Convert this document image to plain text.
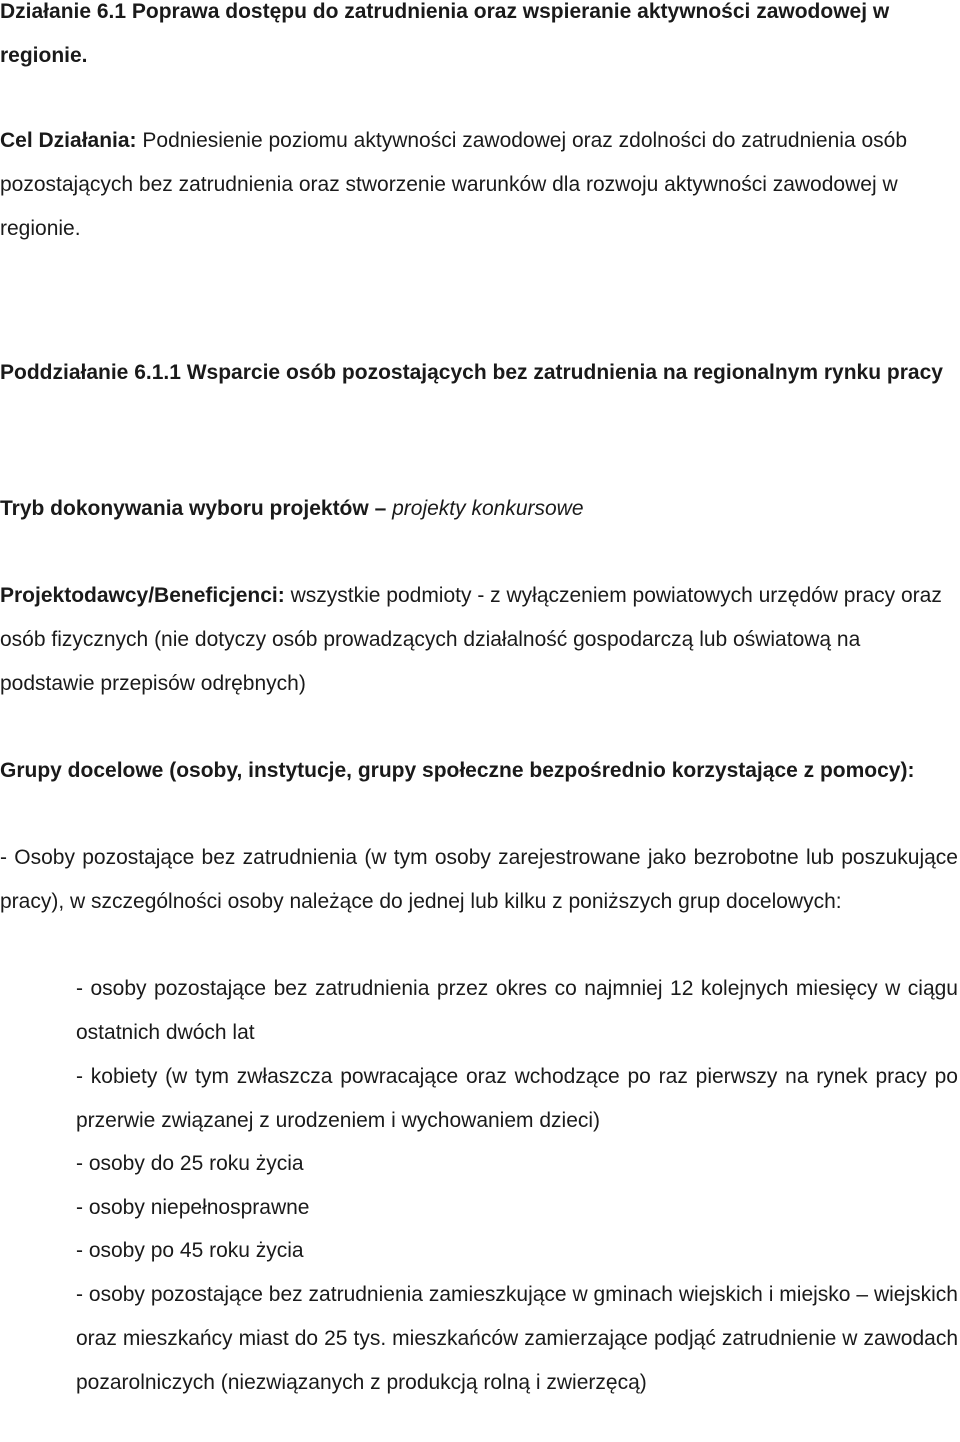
Działanie 6.1 Poprawa dostępu do zatrudnienia oraz wspieranie aktywności zawodowej w regionie.

Cel Działania: Podniesienie poziomu aktywności zawodowej oraz zdolności do zatrudnienia osób pozostających bez zatrudnienia oraz stworzenie warunków dla rozwoju aktywności zawodowej w regionie.

Poddziałanie 6.1.1 Wsparcie osób pozostających bez zatrudnienia na regionalnym rynku pracy

Tryb dokonywania wyboru projektów – projekty konkursowe

Projektodawcy/Beneficjenci: wszystkie podmioty - z wyłączeniem powiatowych urzędów pracy oraz osób fizycznych (nie dotyczy osób prowadzących działalność gospodarczą lub oświatową na podstawie przepisów odrębnych)

Grupy docelowe (osoby, instytucje, grupy społeczne bezpośrednio korzystające z pomocy):

- Osoby pozostające bez zatrudnienia (w tym osoby zarejestrowane jako bezrobotne lub poszukujące pracy), w szczególności osoby należące do jednej lub kilku z poniższych grup docelowych:

- osoby pozostające bez zatrudnienia przez okres co najmniej 12 kolejnych miesięcy w ciągu ostatnich dwóch lat

- kobiety (w tym zwłaszcza powracające oraz wchodzące po raz pierwszy na rynek pracy po przerwie związanej z urodzeniem i wychowaniem dzieci)

- osoby do 25 roku życia

- osoby niepełnosprawne

- osoby po 45 roku życia

- osoby pozostające bez zatrudnienia zamieszkujące w gminach wiejskich i miejsko – wiejskich oraz mieszkańcy miast do 25 tys. mieszkańców zamierzające podjąć zatrudnienie w zawodach pozarolniczych (niezwiązanych z produkcją rolną i zwierzęcą)
